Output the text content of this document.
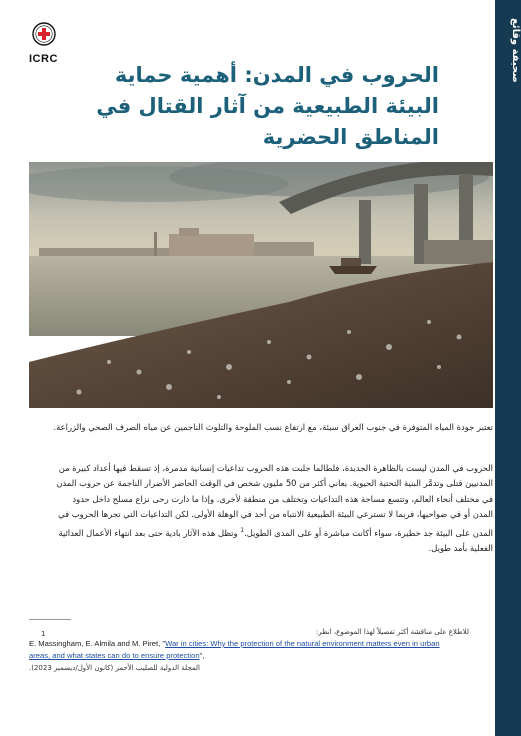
صحيفة وقائع
ICRC
الحروب في المدن: أهمية حماية البيئة الطبيعية من آثار القتال في المناطق الحضرية
تعتبر جودة المياه المتوفرة في جنوب العراق سيئة، مع ارتفاع نسب الملوحة والتلوث الناجمين عن مياه الصرف الصحي والزراعة.
الحروب في المدن ليست بالظاهرة الجديدة، فلطالما جلبت هذه الحروب تداعيات إنسانية مدمرة، إذ تسقط فيها أعداد كبيرة من المدنيين قتلى وتدمَّر البنية التحتية الحيوية. يعاني أكثر من 50 مليون شخص في الوقت الحاضر الأضرار الناجمة عن حروب المدن في مختلف أنحاء العالم، وتتسع مساحة هذه التداعيات وتختلف من منطقة لأخرى. وإذا ما دارت رحى نزاع مسلح داخل حدود المدن أو في ضواحيها، فربما لا تسترعي البيئة الطبيعية الانتباه من أحد في الوهلة الأولى. لكن التداعيات التي تجرها الحروب في المدن على البيئة جد خطيرة، سواء أكانت مباشرة أو على المدى الطويل.$^1$ وتظل هذه الآثار بادية حتى بعد انتهاء الأعمال العدائية الفعلية بأمد طويل.
1	للاطلاع على مناقشة أكثر تفصيلاً لهذا الموضوع، انظر:
E. Massingham, E. Almila and M. Piret, "War in cities: Why the protection of the natural environment matters even in urban
areas, and what states can do to ensure protection",
المجلة الدولية للصليب الأحمر (كانون الأول/ديسمبر 2023).
